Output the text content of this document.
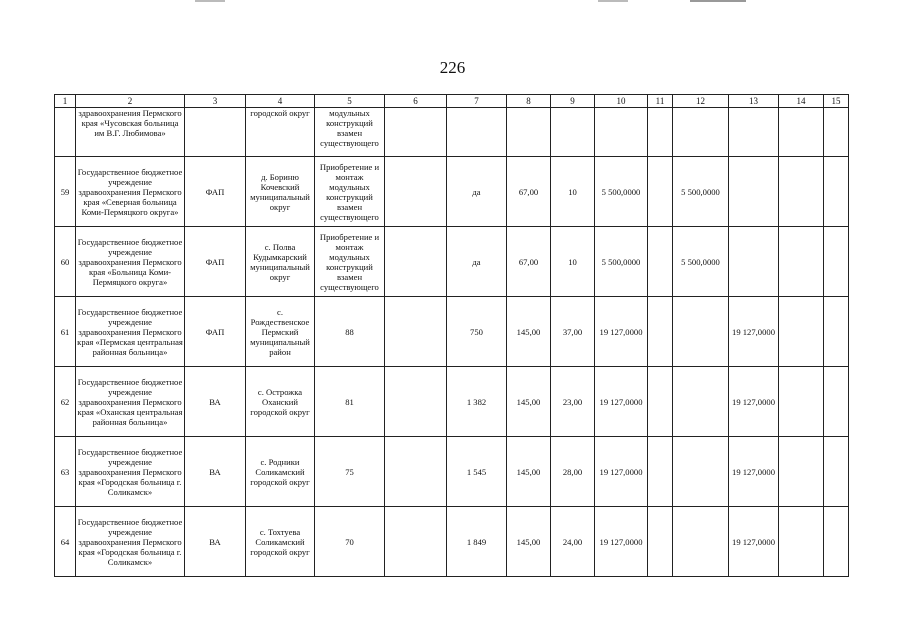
226
1	2	3	4	5	6	7	8	9	10	11	12	13	14	15
	здравоохранения Пермского края «Чусовская больница им В.Г. Любимова»		городской округ	модульных конструкций взамен существующего										
59	Государственное бюджетное учреждение здравоохранения Пермского края «Северная больница Коми-Пермяцкого округа»	ФАП	д. Бориню Кочевский муниципальный округ	Приобретение и монтаж модульных конструкций взамен существующего		да	67,00	10	5 500,0000		5 500,0000			
60	Государственное бюджетное учреждение здравоохранения Пермского края «Больница Коми-Пермяцкого округа»	ФАП	с. Полва Кудымкарский муниципальный округ	Приобретение и монтаж модульных конструкций взамен существующего		да	67,00	10	5 500,0000		5 500,0000			
61	Государственное бюджетное учреждение здравоохранения Пермского края «Пермская центральная районная больница»	ФАП	с. Рождественское Пермский муниципальный район	88		750	145,00	37,00	19 127,0000			19 127,0000		
62	Государственное бюджетное учреждение здравоохранения Пермского края «Оханская центральная районная больница»	ВА	с. Острожка Оханский городской округ	81		1 382	145,00	23,00	19 127,0000			19 127,0000		
63	Государственное бюджетное учреждение здравоохранения Пермского края «Городская больница г. Соликамск»	ВА	с. Родники Соликамский городской округ	75		1 545	145,00	28,00	19 127,0000			19 127,0000		
64	Государственное бюджетное учреждение здравоохранения Пермского края «Городская больница г. Соликамск»	ВА	с. Тохтуева Соликамский городской округ	70		1 849	145,00	24,00	19 127,0000			19 127,0000		
